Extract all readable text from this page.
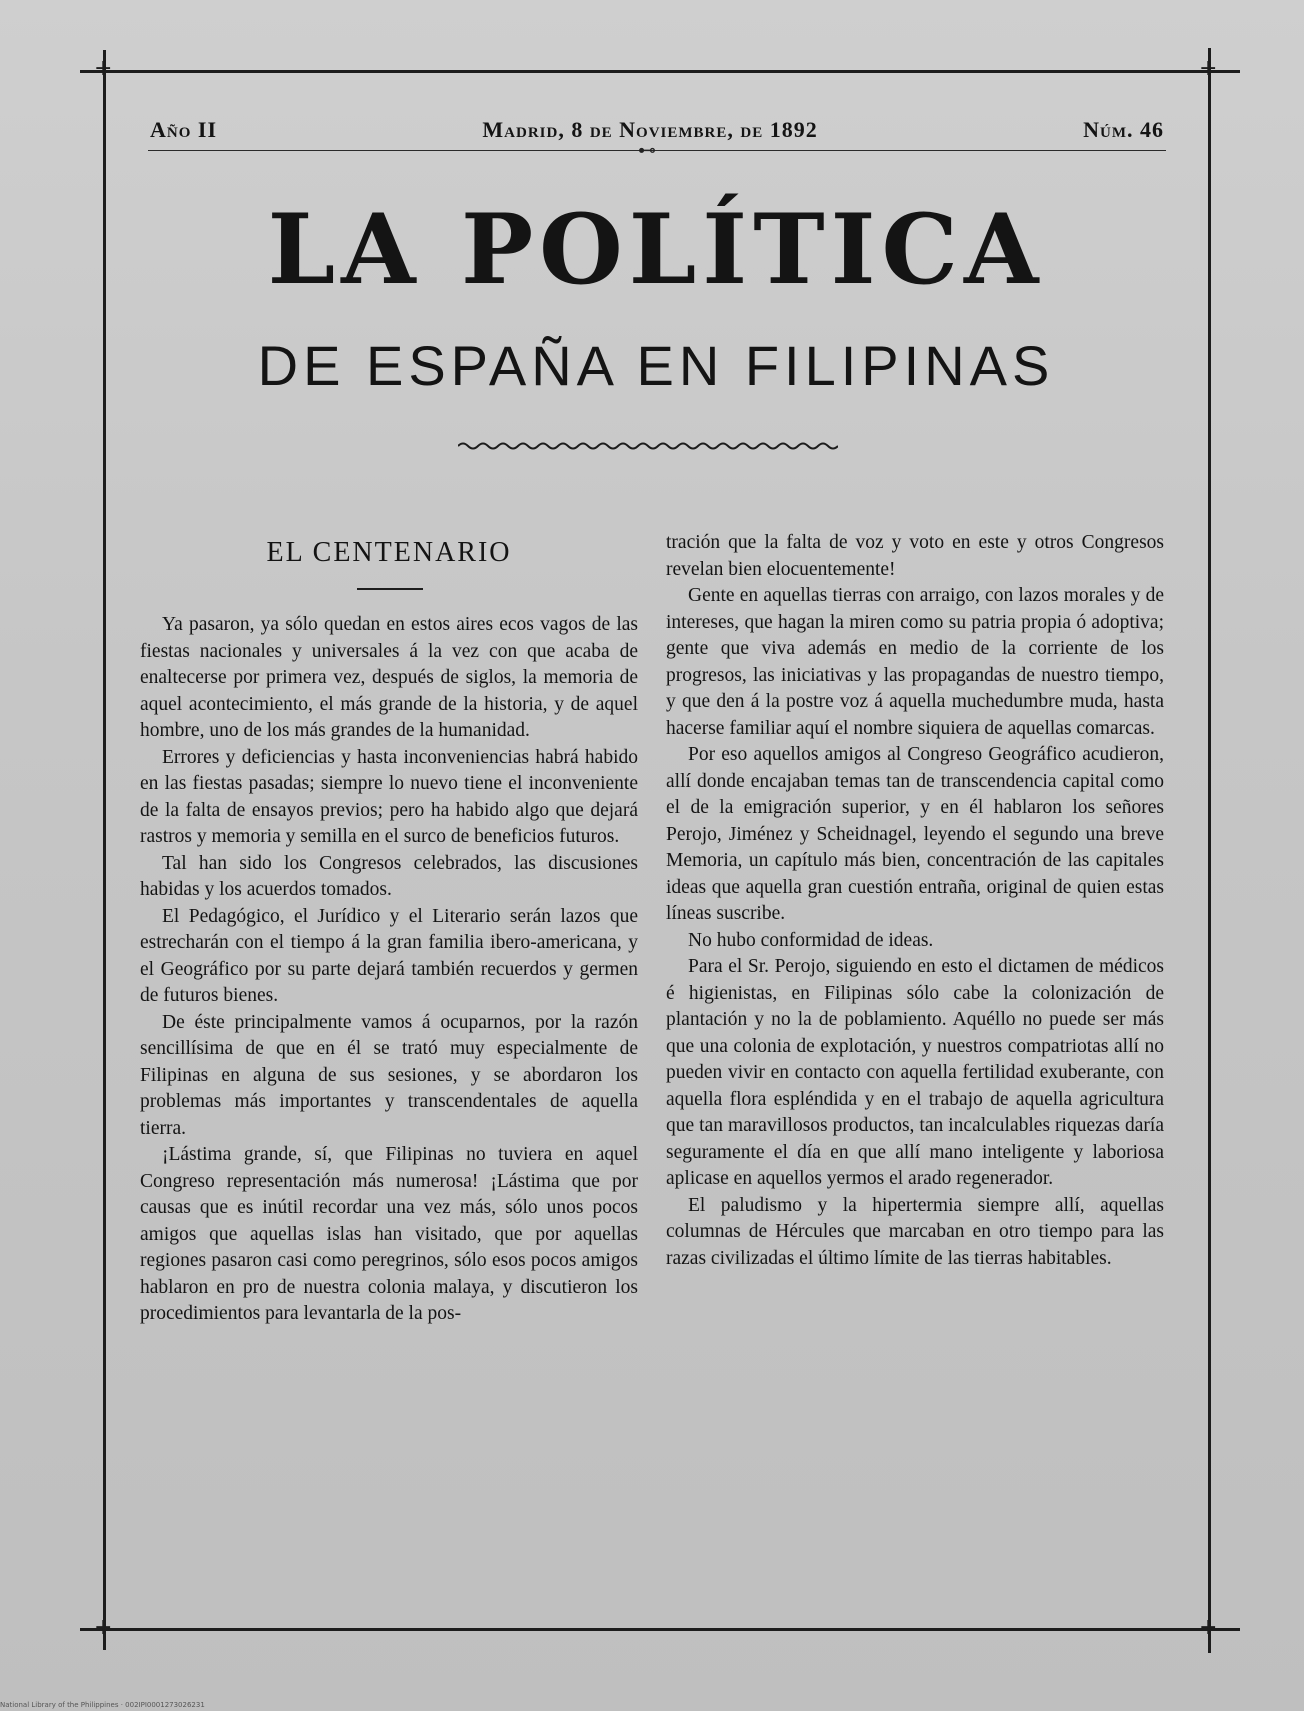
+	+
+	+
Año II	Madrid, 8 de Noviembre, de 1892	Núm. 46
⊷
LA POLÍTICA
DE ESPAÑA EN FILIPINAS
EL CENTENARIO

Ya pasaron, ya sólo quedan en estos aires ecos vagos de las fiestas nacionales y universales á la vez con que acaba de enaltecerse por primera vez, después de siglos, la memoria de aquel acontecimiento, el más grande de la historia, y de aquel hombre, uno de los más grandes de la humanidad.

Errores y deficiencias y hasta inconveniencias habrá habido en las fiestas pasadas; siempre lo nuevo tiene el inconveniente de la falta de ensayos previos; pero ha habido algo que dejará rastros y memoria y semilla en el surco de beneficios futuros.

Tal han sido los Congresos celebrados, las discusiones habidas y los acuerdos tomados.

El Pedagógico, el Jurídico y el Literario serán lazos que estrecharán con el tiempo á la gran familia ibero-americana, y el Geográfico por su parte dejará también recuerdos y germen de futuros bienes.

De éste principalmente vamos á ocuparnos, por la razón sencillísima de que en él se trató muy especialmente de Filipinas en alguna de sus sesiones, y se abordaron los problemas más importantes y transcendentales de aquella tierra.

¡Lástima grande, sí, que Filipinas no tuviera en aquel Congreso representación más numerosa! ¡Lástima que por causas que es inútil recordar una vez más, sólo unos pocos amigos que aquellas islas han visitado, que por aquellas regiones pasaron casi como peregrinos, sólo esos pocos amigos hablaron en pro de nuestra colonia malaya, y discutieron los procedimientos para levantarla de la pos-

tración que la falta de voz y voto en este y otros Congresos revelan bien elocuentemente!

Gente en aquellas tierras con arraigo, con lazos morales y de intereses, que hagan la miren como su patria propia ó adoptiva; gente que viva además en medio de la corriente de los progresos, las iniciativas y las propagandas de nuestro tiempo, y que den á la postre voz á aquella muchedumbre muda, hasta hacerse familiar aquí el nombre siquiera de aquellas comarcas.

Por eso aquellos amigos al Congreso Geográfico acudieron, allí donde encajaban temas tan de transcendencia capital como el de la emigración superior, y en él hablaron los señores Perojo, Jiménez y Scheidnagel, leyendo el segundo una breve Memoria, un capítulo más bien, concentración de las capitales ideas que aquella gran cuestión entraña, original de quien estas líneas suscribe.

No hubo conformidad de ideas.

Para el Sr. Perojo, siguiendo en esto el dictamen de médicos é higienistas, en Filipinas sólo cabe la colonización de plantación y no la de poblamiento. Aquéllo no puede ser más que una colonia de explotación, y nuestros compatriotas allí no pueden vivir en contacto con aquella fertilidad exuberante, con aquella flora espléndida y en el trabajo de aquella agricultura que tan maravillosos productos, tan incalculables riquezas daría seguramente el día en que allí mano inteligente y laboriosa aplicase en aquellos yermos el arado regenerador.

El paludismo y la hipertermia siempre allí, aquellas columnas de Hércules que marcaban en otro tiempo para las razas civilizadas el último límite de las tierras habitables.

National Library of the Philippines · 002IPI0001273026231
